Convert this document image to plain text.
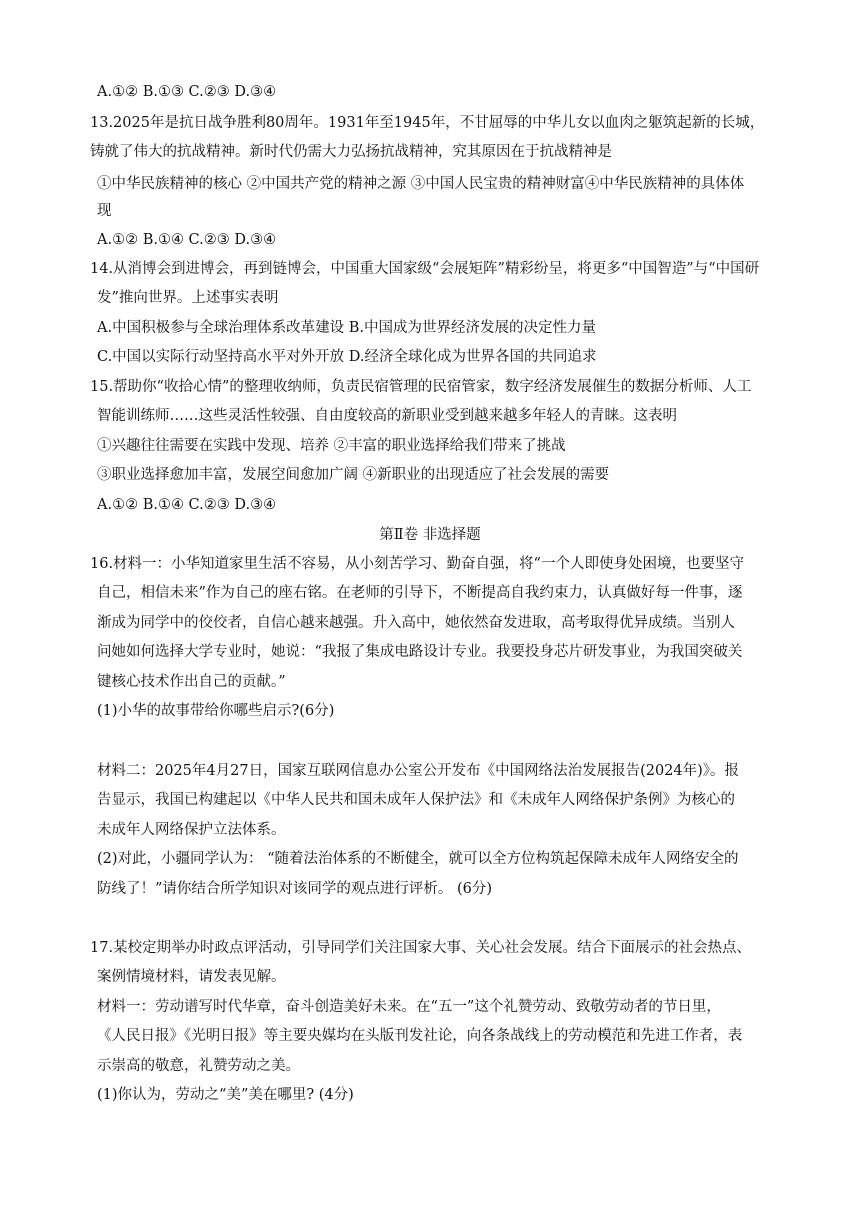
A.①② B.①③ C.②③ D.③④
13.2025年是抗日战争胜利80周年。1931年至1945年，不甘屈辱的中华儿女以血肉之躯筑起新的长城，
铸就了伟大的抗战精神。新时代仍需大力弘扬抗战精神，究其原因在于抗战精神是
①中华民族精神的核心 ②中国共产党的精神之源 ③中国人民宝贵的精神财富④中华民族精神的具体体
现
A.①② B.①④ C.②③ D.③④
14.从消博会到进博会，再到链博会，中国重大国家级“会展矩阵”精彩纷呈，将更多“中国智造”与“中国研
发”推向世界。上述事实表明
A.中国积极参与全球治理体系改革建设 B.中国成为世界经济发展的决定性力量
C.中国以实际行动坚持高水平对外开放 D.经济全球化成为世界各国的共同追求
15.帮助你“收拾心情”的整理收纳师，负责民宿管理的民宿管家，数字经济发展催生的数据分析师、人工
智能训练师……这些灵活性较强、自由度较高的新职业受到越来越多年轻人的青睐。这表明
①兴趣往往需要在实践中发现、培养 ②丰富的职业选择给我们带来了挑战
③职业选择愈加丰富，发展空间愈加广阔 ④新职业的出现适应了社会发展的需要
A.①② B.①④ C.②③ D.③④
第Ⅱ卷 非选择题
16.材料一：小华知道家里生活不容易，从小刻苦学习、勤奋自强，将“一个人即使身处困境，也要坚守
自己，相信未来”作为自己的座右铭。在老师的引导下，不断提高自我约束力，认真做好每一件事，逐
渐成为同学中的佼佼者，自信心越来越强。升入高中，她依然奋发进取，高考取得优异成绩。当别人
问她如何选择大学专业时，她说：“我报了集成电路设计专业。我要投身芯片研发事业，为我国突破关
键核心技术作出自己的贡献。”
(1)小华的故事带给你哪些启示?(6分)
材料二：2025年4月27日，国家互联网信息办公室公开发布《中国网络法治发展报告(2024年)》。报
告显示，我国已构建起以《中华人民共和国未成年人保护法》和《未成年人网络保护条例》为核心的
未成年人网络保护立法体系。
(2)对此，小疆同学认为： “随着法治体系的不断健全，就可以全方位构筑起保障未成年人网络安全的
防线了！”请你结合所学知识对该同学的观点进行评析。 (6分)
17.某校定期举办时政点评活动，引导同学们关注国家大事、关心社会发展。结合下面展示的社会热点、
案例情境材料，请发表见解。
材料一：劳动谱写时代华章，奋斗创造美好未来。在“五一”这个礼赞劳动、致敬劳动者的节日里，
《人民日报》《光明日报》等主要央媒均在头版刊发社论，向各条战线上的劳动模范和先进工作者，表
示崇高的敬意，礼赞劳动之美。
(1)你认为，劳动之“美”美在哪里? (4分)
